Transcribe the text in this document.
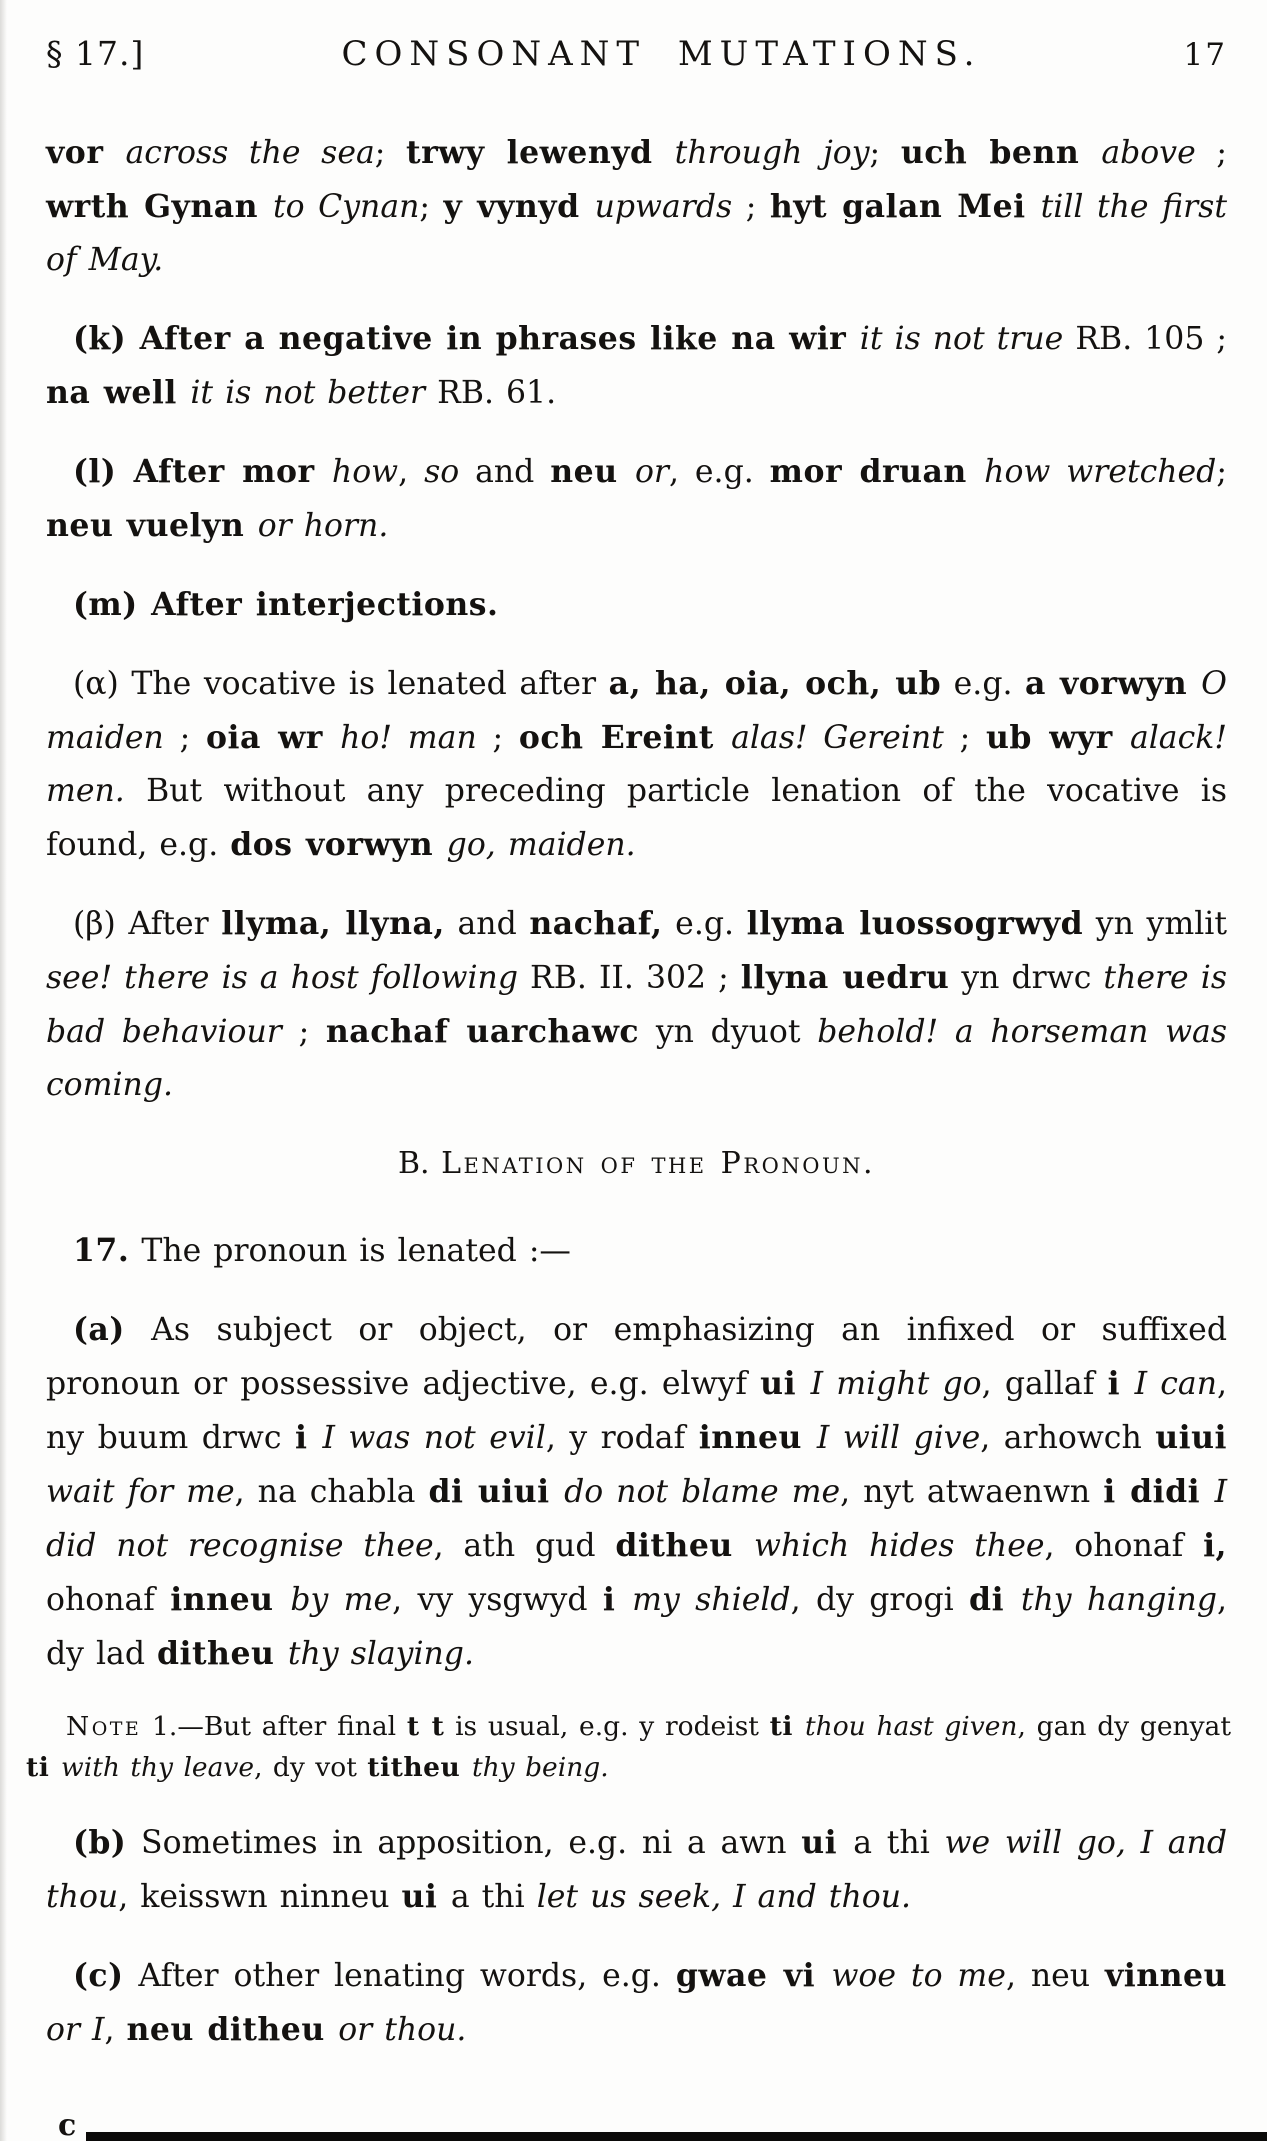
§ 17.]	CONSONANT MUTATIONS.	17

vor across the sea; trwy lewenyd through joy; uch benn above ; wrth Gynan to Cynan; y vynyd upwards ; hyt galan Mei till the first of May.

(k) After a negative in phrases like na wir it is not true RB. 105 ; na well it is not better RB. 61.

(l) After mor how, so and neu or, e.g. mor druan how wretched; neu vuelyn or horn.

(m) After interjections.

(α) The vocative is lenated after a, ha, oia, och, ub e.g. a vorwyn O maiden ; oia wr ho! man ; och Ereint alas! Gereint ; ub wyr alack! men. But without any preceding particle lenation of the vocative is found, e.g. dos vorwyn go, maiden.

(β) After llyma, llyna, and nachaf, e.g. llyma luossogrwyd yn ymlit see! there is a host following RB. II. 302 ; llyna uedru yn drwc there is bad behaviour ; nachaf uarchawc yn dyuot behold! a horseman was coming.

B. Lenation of the Pronoun.

17. The pronoun is lenated :—

(a) As subject or object, or emphasizing an infixed or suffixed pronoun or possessive adjective, e.g. elwyf ui I might go, gallaf i I can, ny buum drwc i I was not evil, y rodaf inneu I will give, arhowch uiui wait for me, na chabla di uiui do not blame me, nyt atwaenwn i didi I did not recognise thee, ath gud ditheu which hides thee, ohonaf i, ohonaf inneu by me, vy ysgwyd i my shield, dy grogi di thy hanging, dy lad ditheu thy slaying.

Note 1.—But after final t t is usual, e.g. y rodeist ti thou hast given, gan dy genyat ti with thy leave, dy vot titheu thy being.

(b) Sometimes in apposition, e.g. ni a awn ui a thi we will go, I and thou, keisswn ninneu ui a thi let us seek, I and thou.

(c) After other lenating words, e.g. gwae vi woe to me, neu vinneu or I, neu ditheu or thou.

c
